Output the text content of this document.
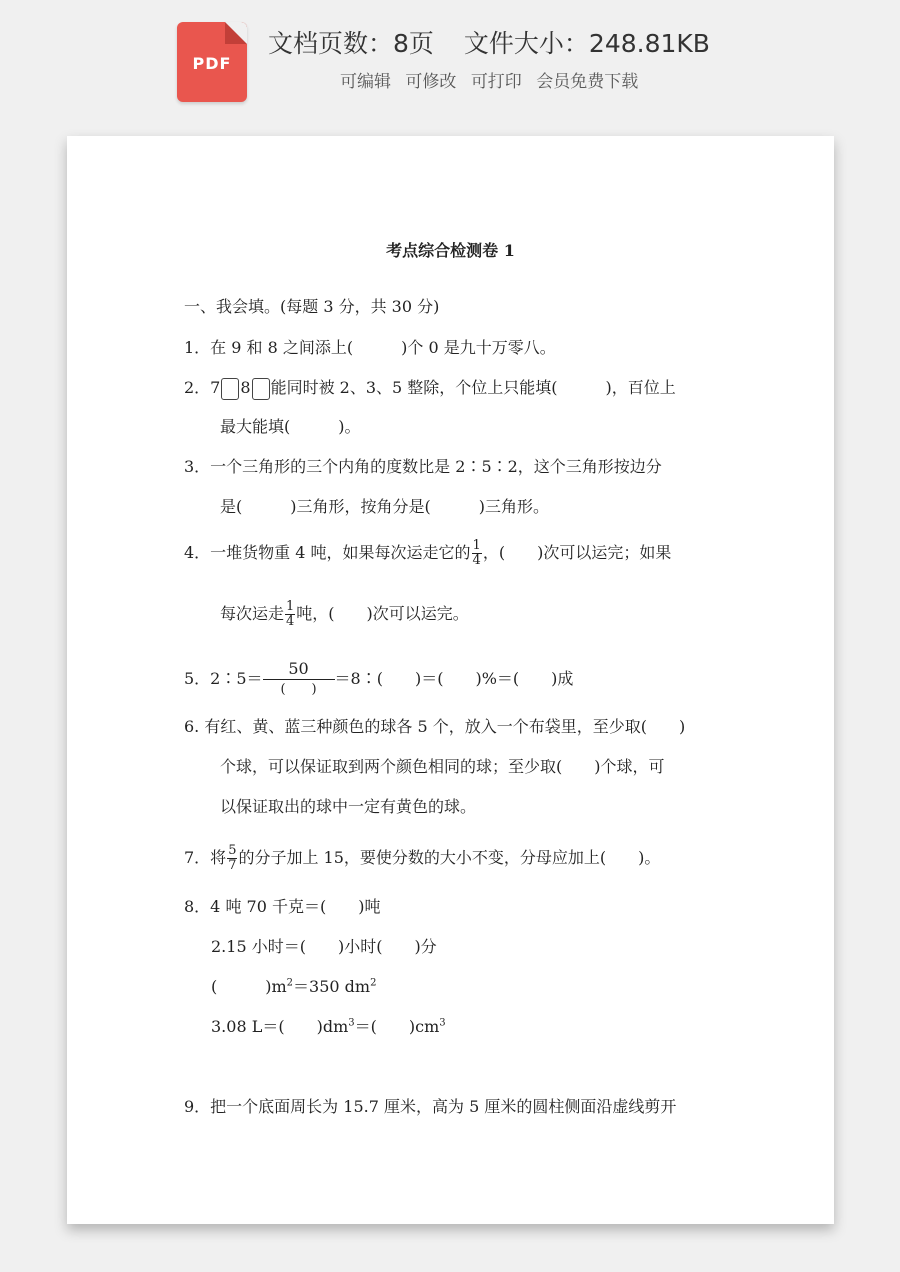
PDF
文档页数：8页 文件大小：248.81KB
可编辑 可修改 可打印 会员免费下载
考点综合检测卷 1
一、我会填。(每题 3 分，共 30 分)
1．在 9 和 8 之间添上(　　　)个 0 是九十万零八。
2．7 8 能同时被 2、3、5 整除，个位上只能填(　　　)，百位上
最大能填(　　　)。
3．一个三角形的三个内角的度数比是 2∶5∶2，这个三角形按边分
是(　　　)三角形，按角分是(　　　)三角形。
4．一堆货物重 4 吨，如果每次运走它的 $\frac{1}{4}$ ，(　　)次可以运完；如果
每次运走 $\frac{1}{4}$ 吨，(　　)次可以运完。
5．2∶5＝ $\frac{50}{( )}$ ＝8∶(　　)＝(　　)%＝(　　)成
6. 有红、黄、蓝三种颜色的球各 5 个，放入一个布袋里，至少取(　　)
个球，可以保证取到两个颜色相同的球；至少取(　　)个球，可
以保证取出的球中一定有黄色的球。
7．将 $\frac{5}{7}$ 的分子加上 15，要使分数的大小不变，分母应加上(　　)。
8．4 吨 70 千克＝(　　)吨
2.15 小时＝(　　)小时(　　)分
(　　　)$m^2=350$ $dm^2$
3.08 L＝(　　)$dm^3=$(　　)$cm^3$
9．把一个底面周长为 15.7 厘米，高为 5 厘米的圆柱侧面沿虚线剪开
